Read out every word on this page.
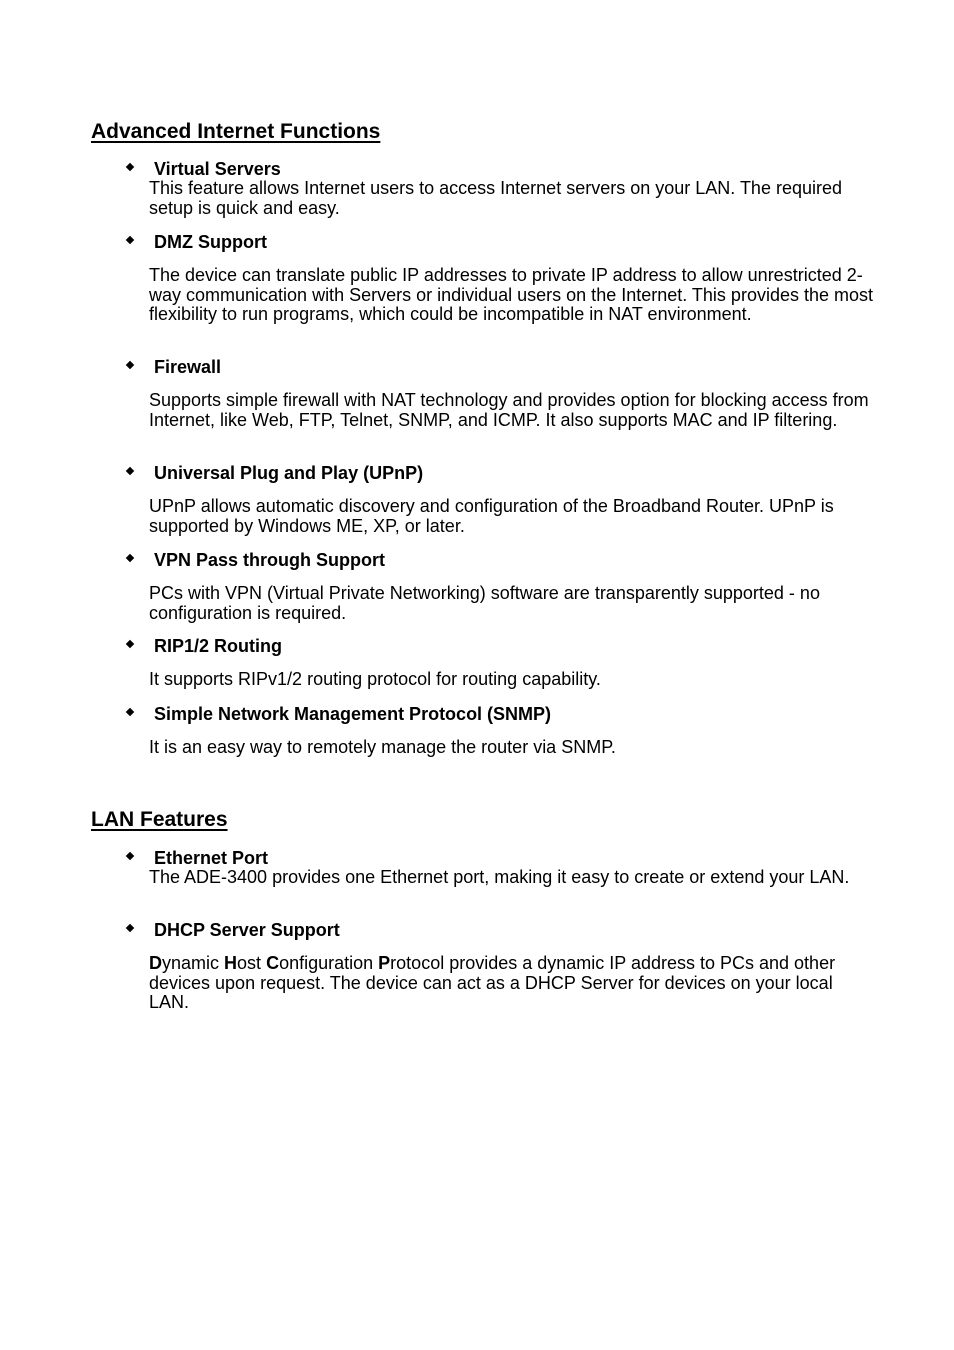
Advanced Internet Functions
Virtual Servers
This feature allows Internet users to access Internet servers on your LAN. The required setup is quick and easy.
DMZ Support
The device can translate public IP addresses to private IP address to allow unrestricted 2-way communication with Servers or individual users on the Internet. This provides the most flexibility to run programs, which could be incompatible in NAT environment.
Firewall
Supports simple firewall with NAT technology and provides option for blocking access from Internet, like Web, FTP, Telnet, SNMP, and ICMP. It also supports MAC and IP filtering.
Universal Plug and Play (UPnP)
UPnP allows automatic discovery and configuration of the Broadband Router. UPnP is supported by Windows ME, XP, or later.
VPN Pass through Support
PCs with VPN (Virtual Private Networking) software are transparently supported - no configuration is required.
RIP1/2 Routing
It supports RIPv1/2 routing protocol for routing capability.
Simple Network Management Protocol (SNMP)
It is an easy way to remotely manage the router via SNMP.
LAN Features
Ethernet Port
The ADE-3400 provides one Ethernet port, making it easy to create or extend your LAN.
DHCP Server Support
Dynamic Host Configuration Protocol provides a dynamic IP address to PCs and other devices upon request. The device can act as a DHCP Server for devices on your local LAN.
